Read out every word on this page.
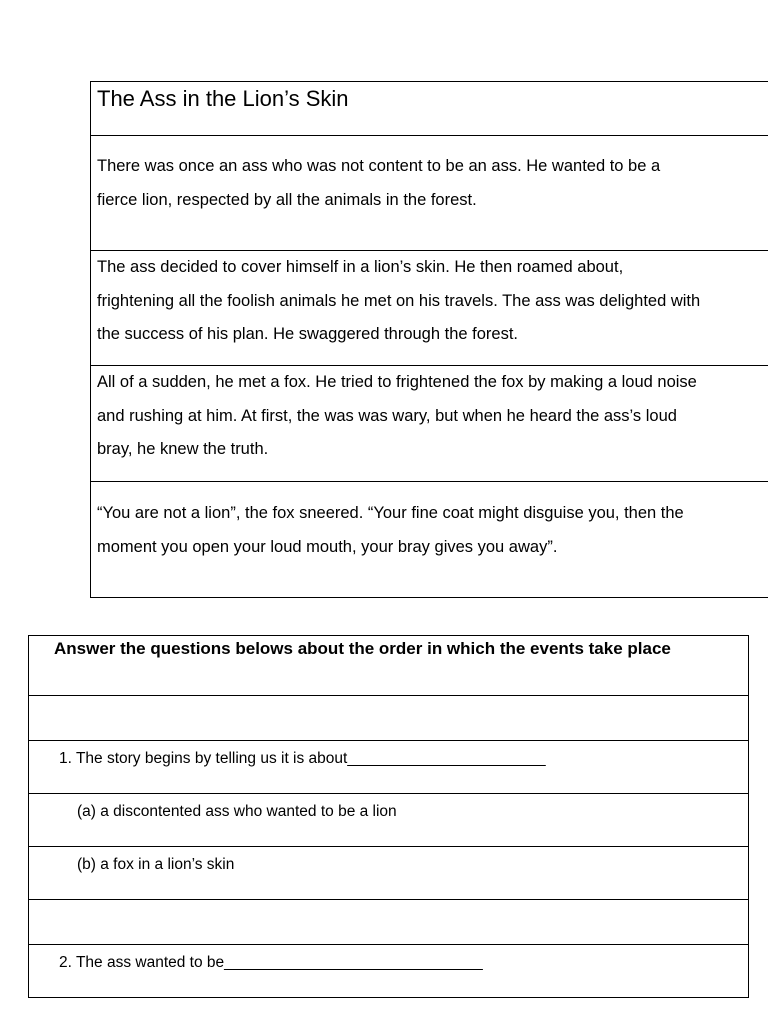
The Ass in the Lion’s Skin

There was once an ass who was not content to be an ass. He wanted to be a
fierce lion, respected by all the animals in the forest.

The ass decided to cover himself in a lion’s skin. He then roamed about,
frightening all the foolish animals he met on his travels. The ass was delighted with
the success of his plan. He swaggered through the forest.

All of a sudden, he met a fox. He tried to frightened the fox by making a loud noise
and rushing at him. At first, the was was wary, but when he heard the ass’s loud
bray, he knew the truth.

“You are not a lion”, the fox sneered. “Your fine coat might disguise you, then the
moment you open your loud mouth, your bray gives you away”.
Answer the questions belows about the order in which the events take place

1. The story begins by telling us it is about_______________________
(a) a discontented ass who wanted to be a lion
(b) a fox in a lion’s skin

2. The ass wanted to be______________________________
